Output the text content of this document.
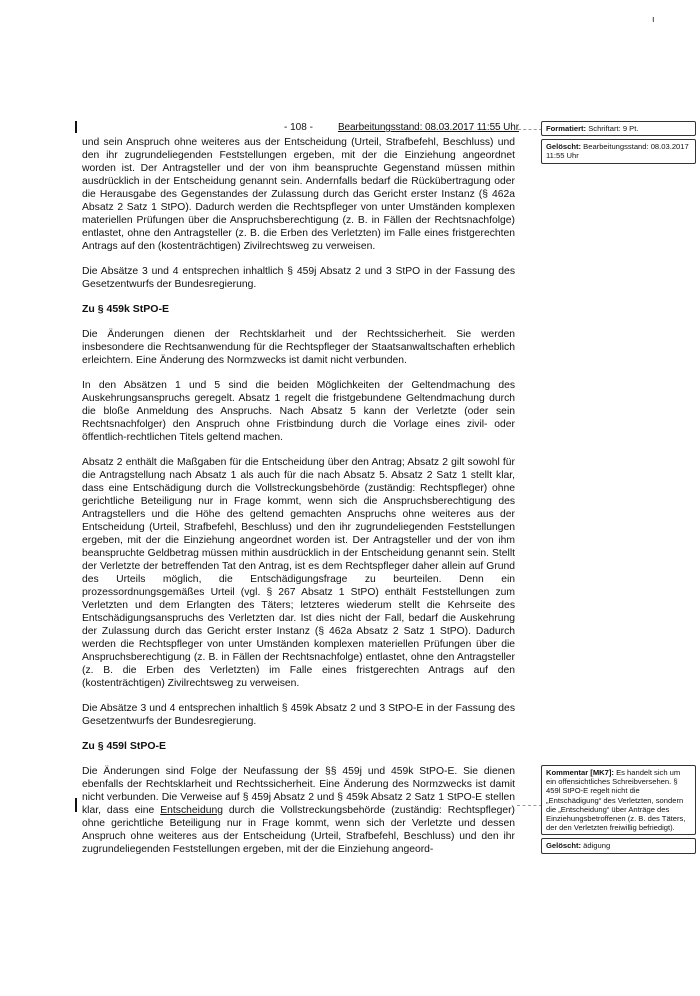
ı
- 108 -	Bearbeitungsstand: 08.03.2017 11:55 Uhr

und sein Anspruch ohne weiteres aus der Entscheidung (Urteil, Strafbefehl, Beschluss) und den ihr zugrundeliegenden Feststellungen ergeben, mit der die Einziehung angeordnet worden ist. Der Antragsteller und der von ihm beanspruchte Gegenstand müssen mithin ausdrücklich in der Entscheidung genannt sein. Andernfalls bedarf die Rückübertragung oder die Herausgabe des Gegenstandes der Zulassung durch das Gericht erster Instanz (§ 462a Absatz 2 Satz 1 StPO). Dadurch werden die Rechtspfleger von unter Umständen komplexen materiellen Prüfungen über die Anspruchsberechtigung (z. B. in Fällen der Rechtsnachfolge) entlastet, ohne den Antragsteller (z. B. die Erben des Verletzten) im Falle eines fristgerechten Antrags auf den (kostenträchtigen) Zivilrechtsweg zu verweisen.

Die Absätze 3 und 4 entsprechen inhaltlich § 459j Absatz 2 und 3 StPO in der Fassung des Gesetzentwurfs der Bundesregierung.

Zu § 459k StPO-E

Die Änderungen dienen der Rechtsklarheit und der Rechtssicherheit. Sie werden insbesondere die Rechtsanwendung für die Rechtspfleger der Staatsanwaltschaften erheblich erleichtern. Eine Änderung des Normzwecks ist damit nicht verbunden.

In den Absätzen 1 und 5 sind die beiden Möglichkeiten der Geltendmachung des Auskehrungsanspruchs geregelt. Absatz 1 regelt die fristgebundene Geltendmachung durch die bloße Anmeldung des Anspruchs. Nach Absatz 5 kann der Verletzte (oder sein Rechtsnachfolger) den Anspruch ohne Fristbindung durch die Vorlage eines zivil- oder öffentlich-rechtlichen Titels geltend machen.

Absatz 2 enthält die Maßgaben für die Entscheidung über den Antrag; Absatz 2 gilt sowohl für die Antragstellung nach Absatz 1 als auch für die nach Absatz 5. Absatz 2 Satz 1 stellt klar, dass eine Entschädigung durch die Vollstreckungsbehörde (zuständig: Rechtspfleger) ohne gerichtliche Beteiligung nur in Frage kommt, wenn sich die Anspruchsberechtigung des Antragstellers und die Höhe des geltend gemachten Anspruchs ohne weiteres aus der Entscheidung (Urteil, Strafbefehl, Beschluss) und den ihr zugrundeliegenden Feststellungen ergeben, mit der die Einziehung angeordnet worden ist. Der Antragsteller und der von ihm beanspruchte Geldbetrag müssen mithin ausdrücklich in der Entscheidung genannt sein. Stellt der Verletzte der betreffenden Tat den Antrag, ist es dem Rechtspfleger daher allein auf Grund des Urteils möglich, die Entschädigungsfrage zu beurteilen. Denn ein prozessordnungsgemäßes Urteil (vgl. § 267 Absatz 1 StPO) enthält Feststellungen zum Verletzten und dem Erlangten des Täters; letzteres wiederum stellt die Kehrseite des Entschädigungsanspruchs des Verletzten dar. Ist dies nicht der Fall, bedarf die Auskehrung der Zulassung durch das Gericht erster Instanz (§ 462a Absatz 2 Satz 1 StPO). Dadurch werden die Rechtspfleger von unter Umständen komplexen materiellen Prüfungen über die Anspruchsberechtigung (z. B. in Fällen der Rechtsnachfolge) entlastet, ohne den Antragsteller (z. B. die Erben des Verletzten) im Falle eines fristgerechten Antrags auf den (kostenträchtigen) Zivilrechtsweg zu verweisen.

Die Absätze 3 und 4 entsprechen inhaltlich § 459k Absatz 2 und 3 StPO-E in der Fassung des Gesetzentwurfs der Bundesregierung.

Zu § 459l StPO-E

Die Änderungen sind Folge der Neufassung der §§ 459j und 459k StPO-E. Sie dienen ebenfalls der Rechtsklarheit und Rechtssicherheit. Eine Änderung des Normzwecks ist damit nicht verbunden. Die Verweise auf § 459j Absatz 2 und § 459k Absatz 2 Satz 1 StPO-E stellen klar, dass eine Entscheidung durch die Vollstreckungsbehörde (zuständig: Rechtspfleger) ohne gerichtliche Beteiligung nur in Frage kommt, wenn sich der Verletzte und dessen Anspruch ohne weiteres aus der Entscheidung (Urteil, Strafbefehl, Beschluss) und den ihr zugrundeliegenden Feststellungen ergeben, mit der die Einziehung angeord-

Formatiert: Schriftart: 9 Pt.
Gelöscht: Bearbeitungsstand: 08.03.2017 11:55 Uhr
Kommentar [MK7]: Es handelt sich um ein offensichtliches Schreibversehen. § 459l StPO-E regelt nicht die „Entschädigung“ des Verletzten, sondern die „Entscheidung“ über Anträge des Einziehungsbetroffenen (z. B. des Täters, der den Verletzten freiwillig befriedigt).
Gelöscht: ädigung
